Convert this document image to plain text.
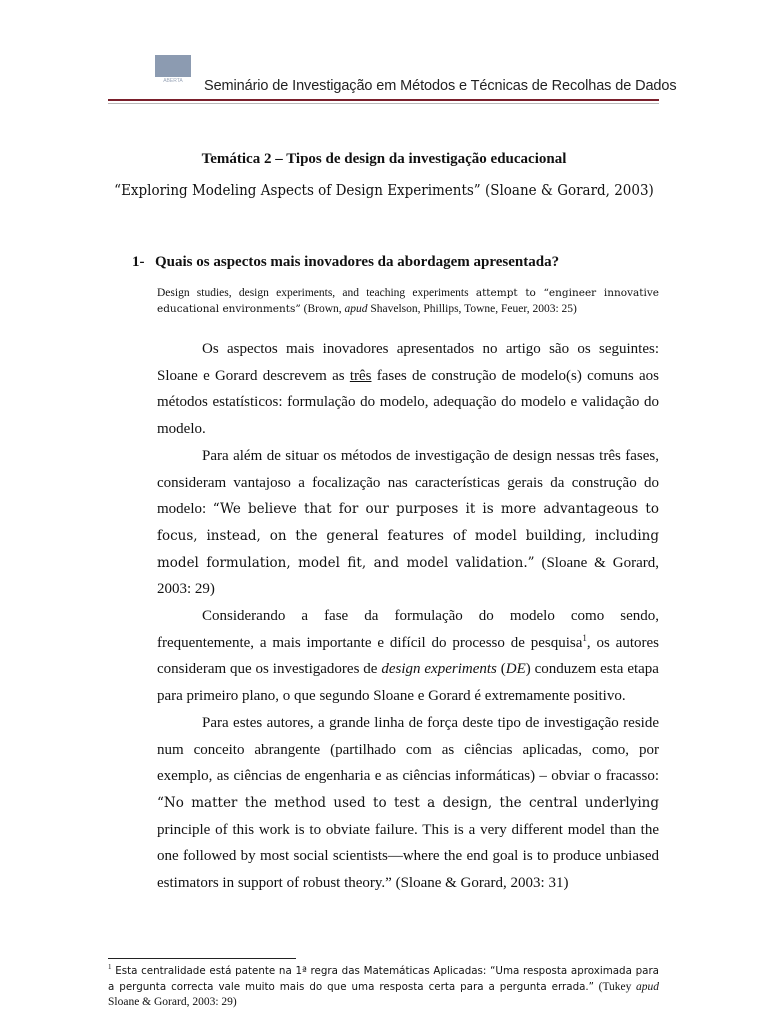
ABERTA	Seminário de Investigação em Métodos e Técnicas de Recolhas de Dados
Temática 2 – Tipos de design da investigação educacional
“Exploring Modeling Aspects of Design Experiments” (Sloane & Gorard, 2003)
1- Quais os aspectos mais inovadores da abordagem apresentada?
Design studies, design experiments, and teaching experiments attempt to “engineer innovative educational environments” (Brown, apud Shavelson, Phillips, Towne, Feuer, 2003: 25)

Os aspectos mais inovadores apresentados no artigo são os seguintes: Sloane e Gorard descrevem as três fases de construção de modelo(s) comuns aos métodos estatísticos: formulação do modelo, adequação do modelo e validação do modelo.

Para além de situar os métodos de investigação de design nessas três fases, consideram vantajoso a focalização nas características gerais da construção do modelo: “We believe that for our purposes it is more advantageous to focus, instead, on the general features of model building, including model formulation, model fit, and model validation.” (Sloane & Gorard, 2003: 29)

Considerando a fase da formulação do modelo como sendo, frequentemente, a mais importante e difícil do processo de pesquisa$^1$, os autores consideram que os investigadores de design experiments (DE) conduzem esta etapa para primeiro plano, o que segundo Sloane e Gorard é extremamente positivo.

Para estes autores, a grande linha de força deste tipo de investigação reside num conceito abrangente (partilhado com as ciências aplicadas, como, por exemplo, as ciências de engenharia e as ciências informáticas) – obviar o fracasso: “No matter the method used to test a design, the central underlying principle of this work is to obviate failure. This is a very different model than the one followed by most social scientists—where the end goal is to produce unbiased estimators in support of robust theory.” (Sloane & Gorard, 2003: 31)

$^1$ Esta centralidade está patente na 1ª regra das Matemáticas Aplicadas: “Uma resposta aproximada para a pergunta correcta vale muito mais do que uma resposta certa para a pergunta errada.” (Tukey apud Sloane & Gorard, 2003: 29)
